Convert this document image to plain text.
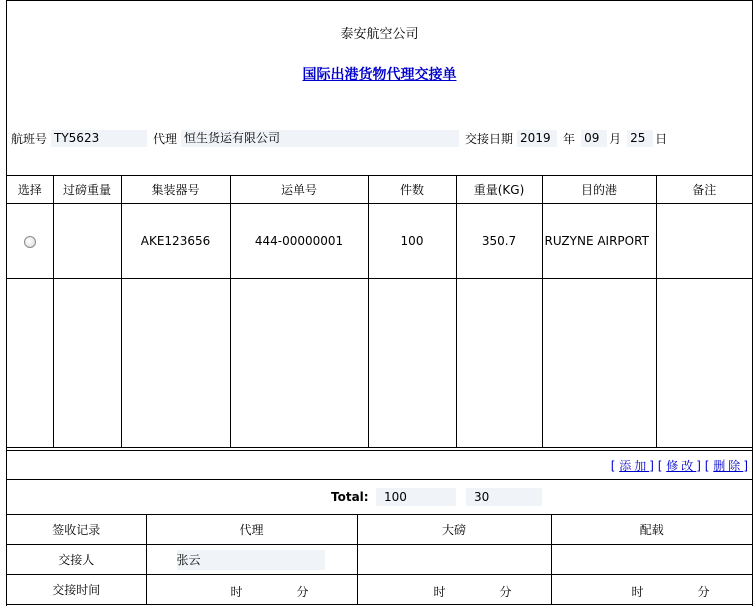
泰安航空公司
国际出港货物代理交接单
航班号 TY5623	代理 恒生货运有限公司	交接日期 2019	年 09 月 25 日
选择	过磅重量	集装器号	运单号	件数	重量(KG)	目的港	备注
		AKE123656	444-00000001	100	350.7	RUZYNE AIRPORT	

[ 添加] [ 修改] [ 删除]
Total:	100	30
签收记录	代理	大磅	配载
交接人	张云		

交接时间	时 分	时 分	时 分
